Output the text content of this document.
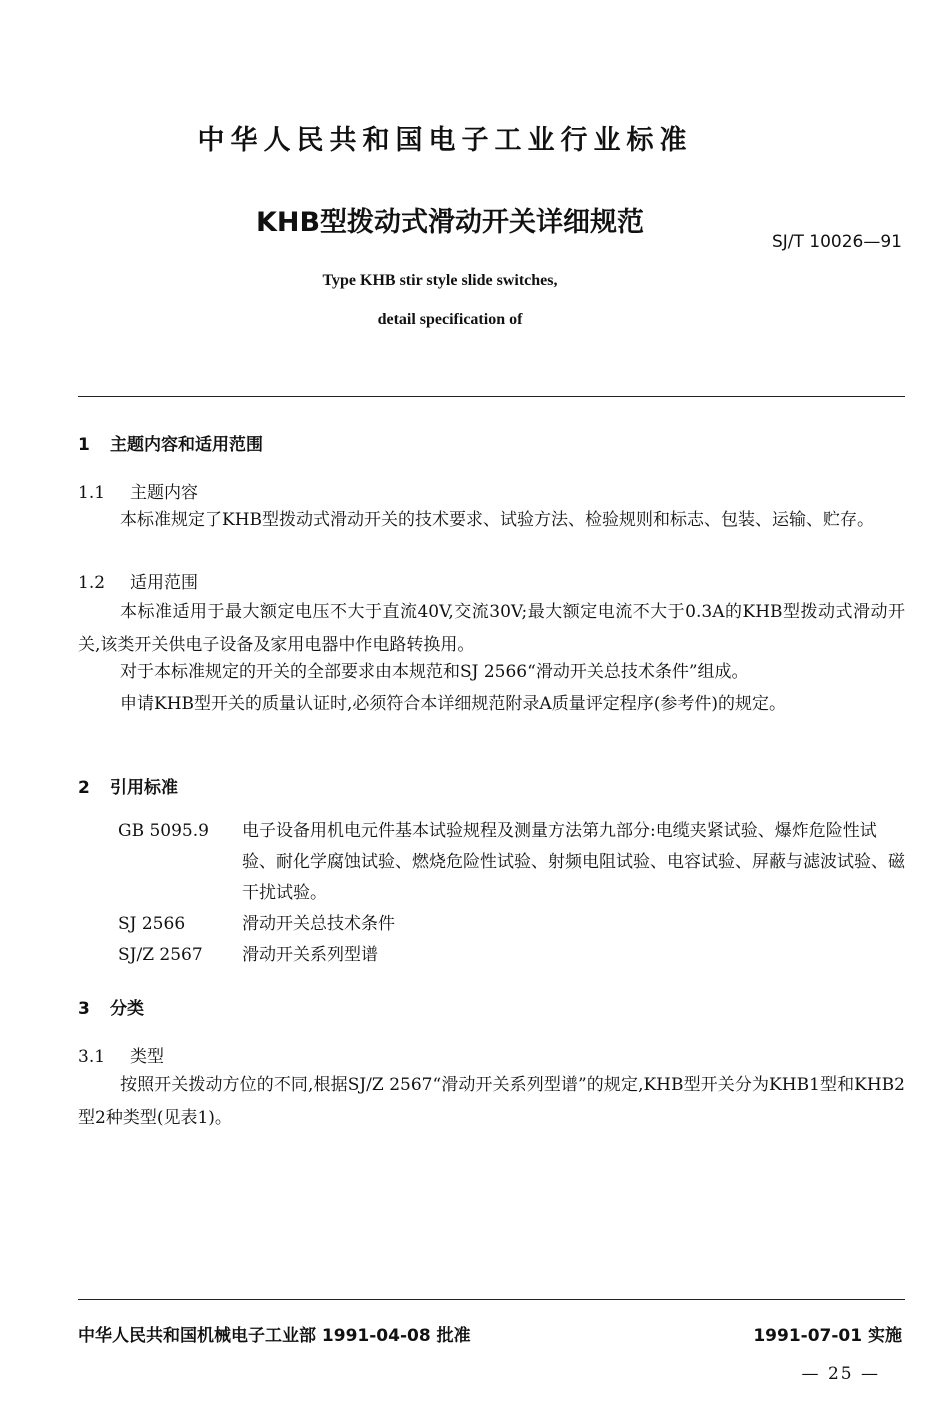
中华人民共和国电子工业行业标准
KHB型拨动式滑动开关详细规范
SJ/T 10026—91
Type KHB stir style slide switches,
detail specification of
1 主题内容和适用范围
1.1 主题内容
本标准规定了KHB型拨动式滑动开关的技术要求、试验方法、检验规则和标志、包装、运输、贮存。
1.2 适用范围
本标准适用于最大额定电压不大于直流40V,交流30V;最大额定电流不大于0.3A的KHB型拨动式滑动开关,该类开关供电子设备及家用电器中作电路转换用。
对于本标准规定的开关的全部要求由本规范和SJ 2566“滑动开关总技术条件”组成。
申请KHB型开关的质量认证时,必须符合本详细规范附录A质量评定程序(参考件)的规定。
2 引用标准
GB 5095.9	电子设备用机电元件基本试验规程及测量方法第九部分:电缆夹紧试验、爆炸危险性试验、耐化学腐蚀试验、燃烧危险性试验、射频电阻试验、电容试验、屏蔽与滤波试验、磁干扰试验。
SJ 2566	滑动开关总技术条件
SJ/Z 2567	滑动开关系列型谱
3 分类
3.1 类型
按照开关拨动方位的不同,根据SJ/Z 2567“滑动开关系列型谱”的规定,KHB型开关分为KHB1型和KHB2型2种类型(见表1)。
中华人民共和国机械电子工业部 1991-04-08 批准	1991-07-01 实施
— 25 —
